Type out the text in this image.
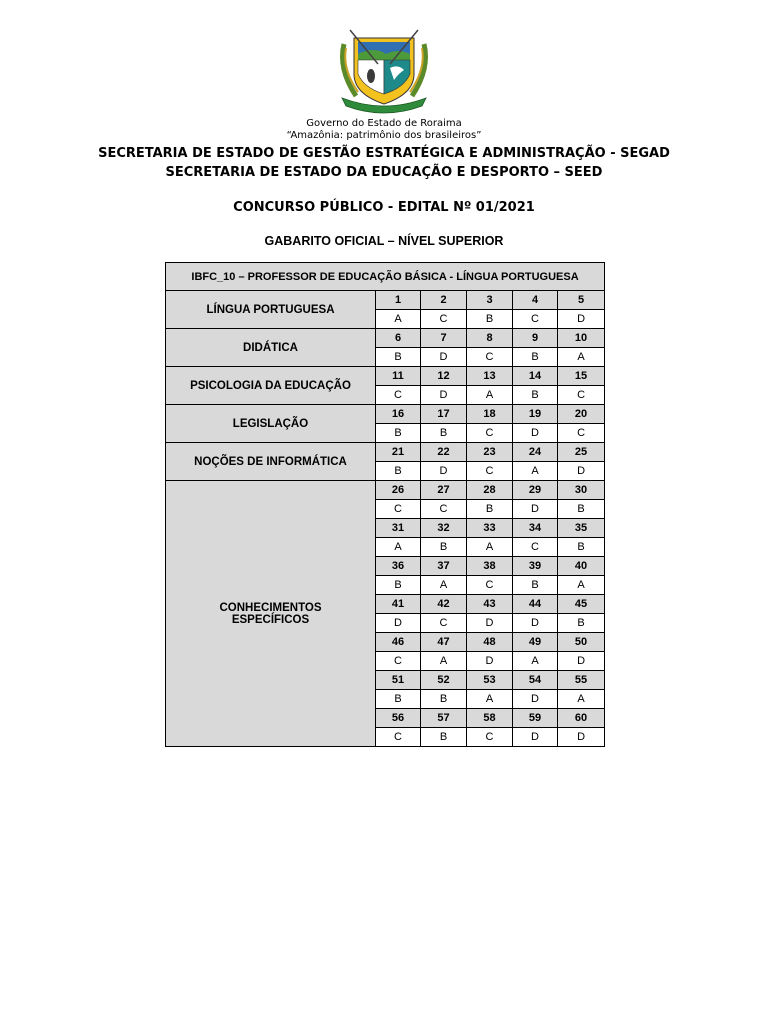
Governo do Estado de Roraima
“Amazônia: patrimônio dos brasileiros”
SECRETARIA DE ESTADO DE GESTÃO ESTRATÉGICA E ADMINISTRAÇÃO - SEGAD
SECRETARIA DE ESTADO DA EDUCAÇÃO E DESPORTO – SEED
CONCURSO PÚBLICO - EDITAL Nº 01/2021
GABARITO OFICIAL – NÍVEL SUPERIOR
IBFC_10 – PROFESSOR DE EDUCAÇÃO BÁSICA - LÍNGUA PORTUGUESA					
LÍNGUA PORTUGUESA	1	2	3	4	5
	A	C	B	C	D
DIDÁTICA	6	7	8	9	10
	B	D	C	B	A
PSICOLOGIA DA EDUCAÇÃO	11	12	13	14	15
	C	D	A	B	C
LEGISLAÇÃO	16	17	18	19	20
	B	B	C	D	C
NOÇÕES DE INFORMÁTICA	21	22	23	24	25
	B	D	C	A	D
CONHECIMENTOS ESPECÍFICOS	26	27	28	29	30
	C	C	B	D	B
	31	32	33	34	35
	A	B	A	C	B
	36	37	38	39	40
	B	A	C	B	A
	41	42	43	44	45
	D	C	D	D	B
	46	47	48	49	50
	C	A	D	A	D
	51	52	53	54	55
	B	B	A	D	A
	56	57	58	59	60
	C	B	C	D	D
